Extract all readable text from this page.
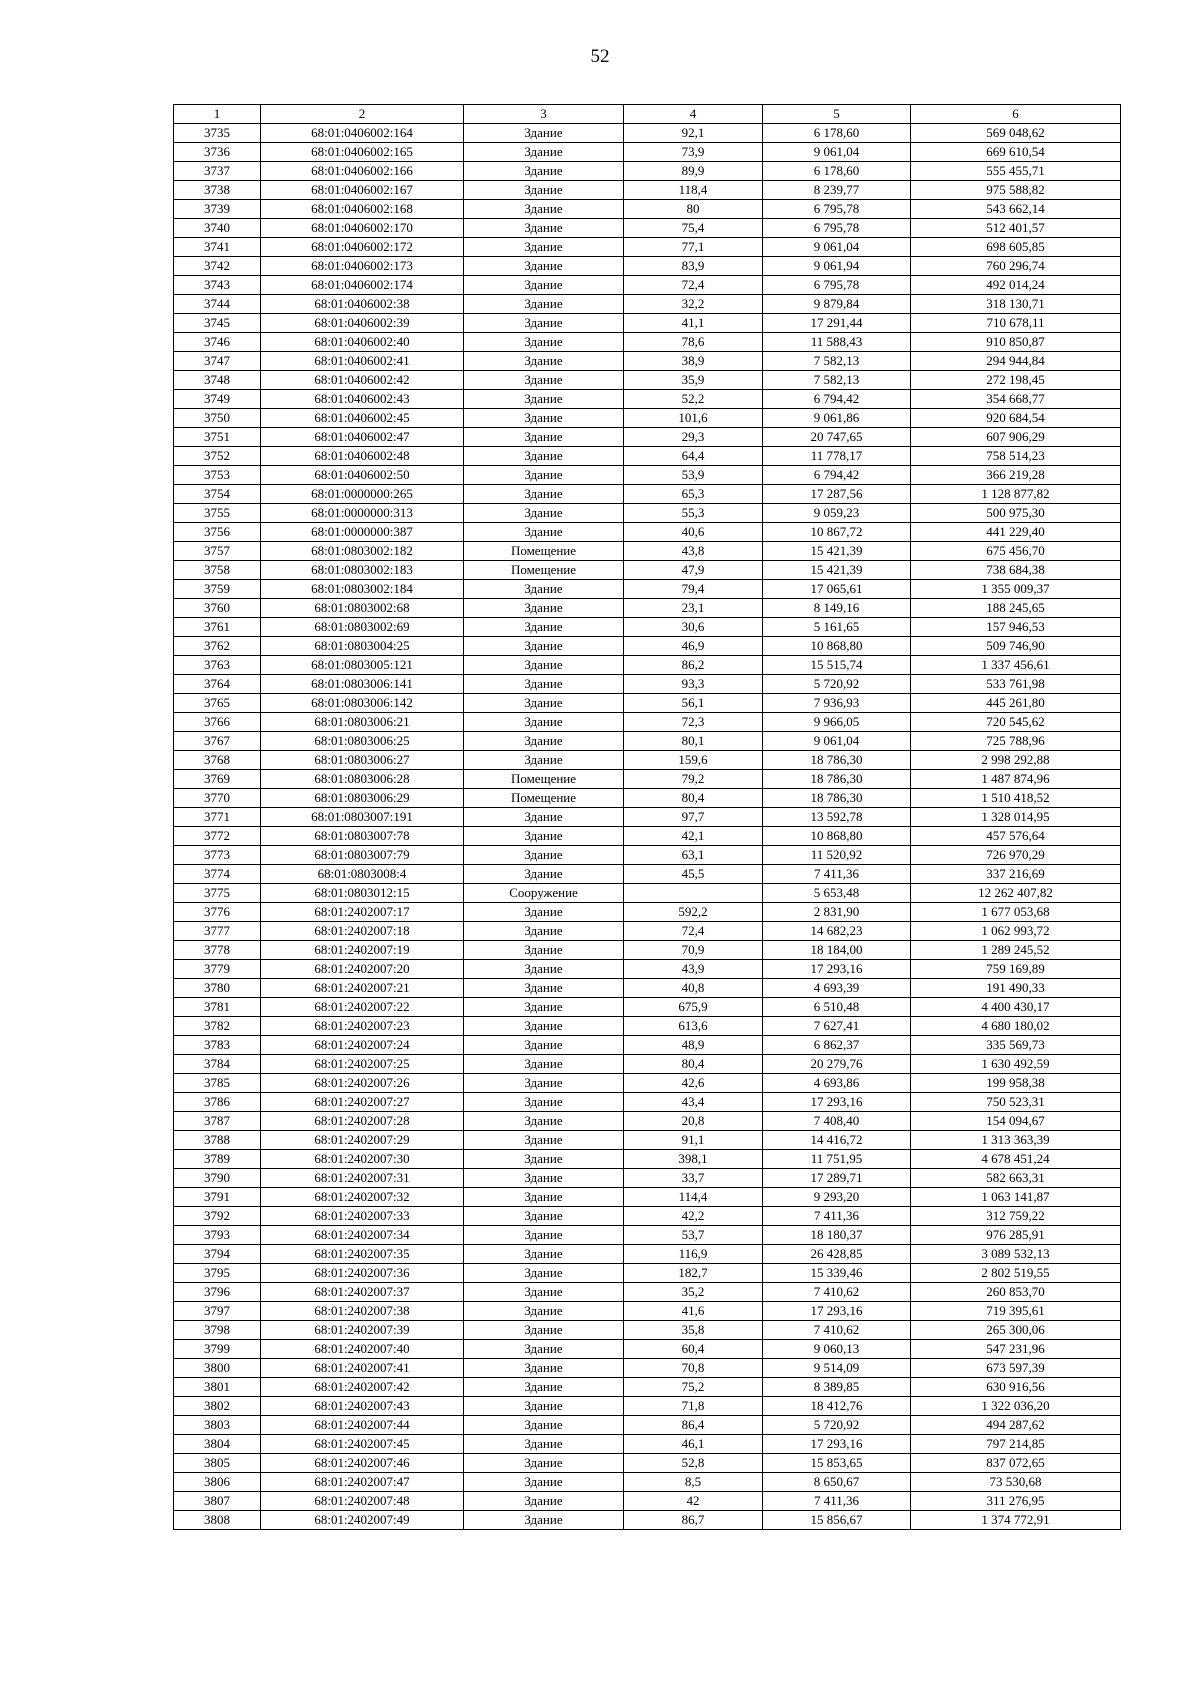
52
1	2	3	4	5	6
3735	68:01:0406002:164	Здание	92,1	6 178,60	569 048,62
3736	68:01:0406002:165	Здание	73,9	9 061,04	669 610,54
3737	68:01:0406002:166	Здание	89,9	6 178,60	555 455,71
3738	68:01:0406002:167	Здание	118,4	8 239,77	975 588,82
3739	68:01:0406002:168	Здание	80	6 795,78	543 662,14
3740	68:01:0406002:170	Здание	75,4	6 795,78	512 401,57
3741	68:01:0406002:172	Здание	77,1	9 061,04	698 605,85
3742	68:01:0406002:173	Здание	83,9	9 061,94	760 296,74
3743	68:01:0406002:174	Здание	72,4	6 795,78	492 014,24
3744	68:01:0406002:38	Здание	32,2	9 879,84	318 130,71
3745	68:01:0406002:39	Здание	41,1	17 291,44	710 678,11
3746	68:01:0406002:40	Здание	78,6	11 588,43	910 850,87
3747	68:01:0406002:41	Здание	38,9	7 582,13	294 944,84
3748	68:01:0406002:42	Здание	35,9	7 582,13	272 198,45
3749	68:01:0406002:43	Здание	52,2	6 794,42	354 668,77
3750	68:01:0406002:45	Здание	101,6	9 061,86	920 684,54
3751	68:01:0406002:47	Здание	29,3	20 747,65	607 906,29
3752	68:01:0406002:48	Здание	64,4	11 778,17	758 514,23
3753	68:01:0406002:50	Здание	53,9	6 794,42	366 219,28
3754	68:01:0000000:265	Здание	65,3	17 287,56	1 128 877,82
3755	68:01:0000000:313	Здание	55,3	9 059,23	500 975,30
3756	68:01:0000000:387	Здание	40,6	10 867,72	441 229,40
3757	68:01:0803002:182	Помещение	43,8	15 421,39	675 456,70
3758	68:01:0803002:183	Помещение	47,9	15 421,39	738 684,38
3759	68:01:0803002:184	Здание	79,4	17 065,61	1 355 009,37
3760	68:01:0803002:68	Здание	23,1	8 149,16	188 245,65
3761	68:01:0803002:69	Здание	30,6	5 161,65	157 946,53
3762	68:01:0803004:25	Здание	46,9	10 868,80	509 746,90
3763	68:01:0803005:121	Здание	86,2	15 515,74	1 337 456,61
3764	68:01:0803006:141	Здание	93,3	5 720,92	533 761,98
3765	68:01:0803006:142	Здание	56,1	7 936,93	445 261,80
3766	68:01:0803006:21	Здание	72,3	9 966,05	720 545,62
3767	68:01:0803006:25	Здание	80,1	9 061,04	725 788,96
3768	68:01:0803006:27	Здание	159,6	18 786,30	2 998 292,88
3769	68:01:0803006:28	Помещение	79,2	18 786,30	1 487 874,96
3770	68:01:0803006:29	Помещение	80,4	18 786,30	1 510 418,52
3771	68:01:0803007:191	Здание	97,7	13 592,78	1 328 014,95
3772	68:01:0803007:78	Здание	42,1	10 868,80	457 576,64
3773	68:01:0803007:79	Здание	63,1	11 520,92	726 970,29
3774	68:01:0803008:4	Здание	45,5	7 411,36	337 216,69
3775	68:01:0803012:15	Сооружение		5 653,48	12 262 407,82
3776	68:01:2402007:17	Здание	592,2	2 831,90	1 677 053,68
3777	68:01:2402007:18	Здание	72,4	14 682,23	1 062 993,72
3778	68:01:2402007:19	Здание	70,9	18 184,00	1 289 245,52
3779	68:01:2402007:20	Здание	43,9	17 293,16	759 169,89
3780	68:01:2402007:21	Здание	40,8	4 693,39	191 490,33
3781	68:01:2402007:22	Здание	675,9	6 510,48	4 400 430,17
3782	68:01:2402007:23	Здание	613,6	7 627,41	4 680 180,02
3783	68:01:2402007:24	Здание	48,9	6 862,37	335 569,73
3784	68:01:2402007:25	Здание	80,4	20 279,76	1 630 492,59
3785	68:01:2402007:26	Здание	42,6	4 693,86	199 958,38
3786	68:01:2402007:27	Здание	43,4	17 293,16	750 523,31
3787	68:01:2402007:28	Здание	20,8	7 408,40	154 094,67
3788	68:01:2402007:29	Здание	91,1	14 416,72	1 313 363,39
3789	68:01:2402007:30	Здание	398,1	11 751,95	4 678 451,24
3790	68:01:2402007:31	Здание	33,7	17 289,71	582 663,31
3791	68:01:2402007:32	Здание	114,4	9 293,20	1 063 141,87
3792	68:01:2402007:33	Здание	42,2	7 411,36	312 759,22
3793	68:01:2402007:34	Здание	53,7	18 180,37	976 285,91
3794	68:01:2402007:35	Здание	116,9	26 428,85	3 089 532,13
3795	68:01:2402007:36	Здание	182,7	15 339,46	2 802 519,55
3796	68:01:2402007:37	Здание	35,2	7 410,62	260 853,70
3797	68:01:2402007:38	Здание	41,6	17 293,16	719 395,61
3798	68:01:2402007:39	Здание	35,8	7 410,62	265 300,06
3799	68:01:2402007:40	Здание	60,4	9 060,13	547 231,96
3800	68:01:2402007:41	Здание	70,8	9 514,09	673 597,39
3801	68:01:2402007:42	Здание	75,2	8 389,85	630 916,56
3802	68:01:2402007:43	Здание	71,8	18 412,76	1 322 036,20
3803	68:01:2402007:44	Здание	86,4	5 720,92	494 287,62
3804	68:01:2402007:45	Здание	46,1	17 293,16	797 214,85
3805	68:01:2402007:46	Здание	52,8	15 853,65	837 072,65
3806	68:01:2402007:47	Здание	8,5	8 650,67	73 530,68
3807	68:01:2402007:48	Здание	42	7 411,36	311 276,95
3808	68:01:2402007:49	Здание	86,7	15 856,67	1 374 772,91
